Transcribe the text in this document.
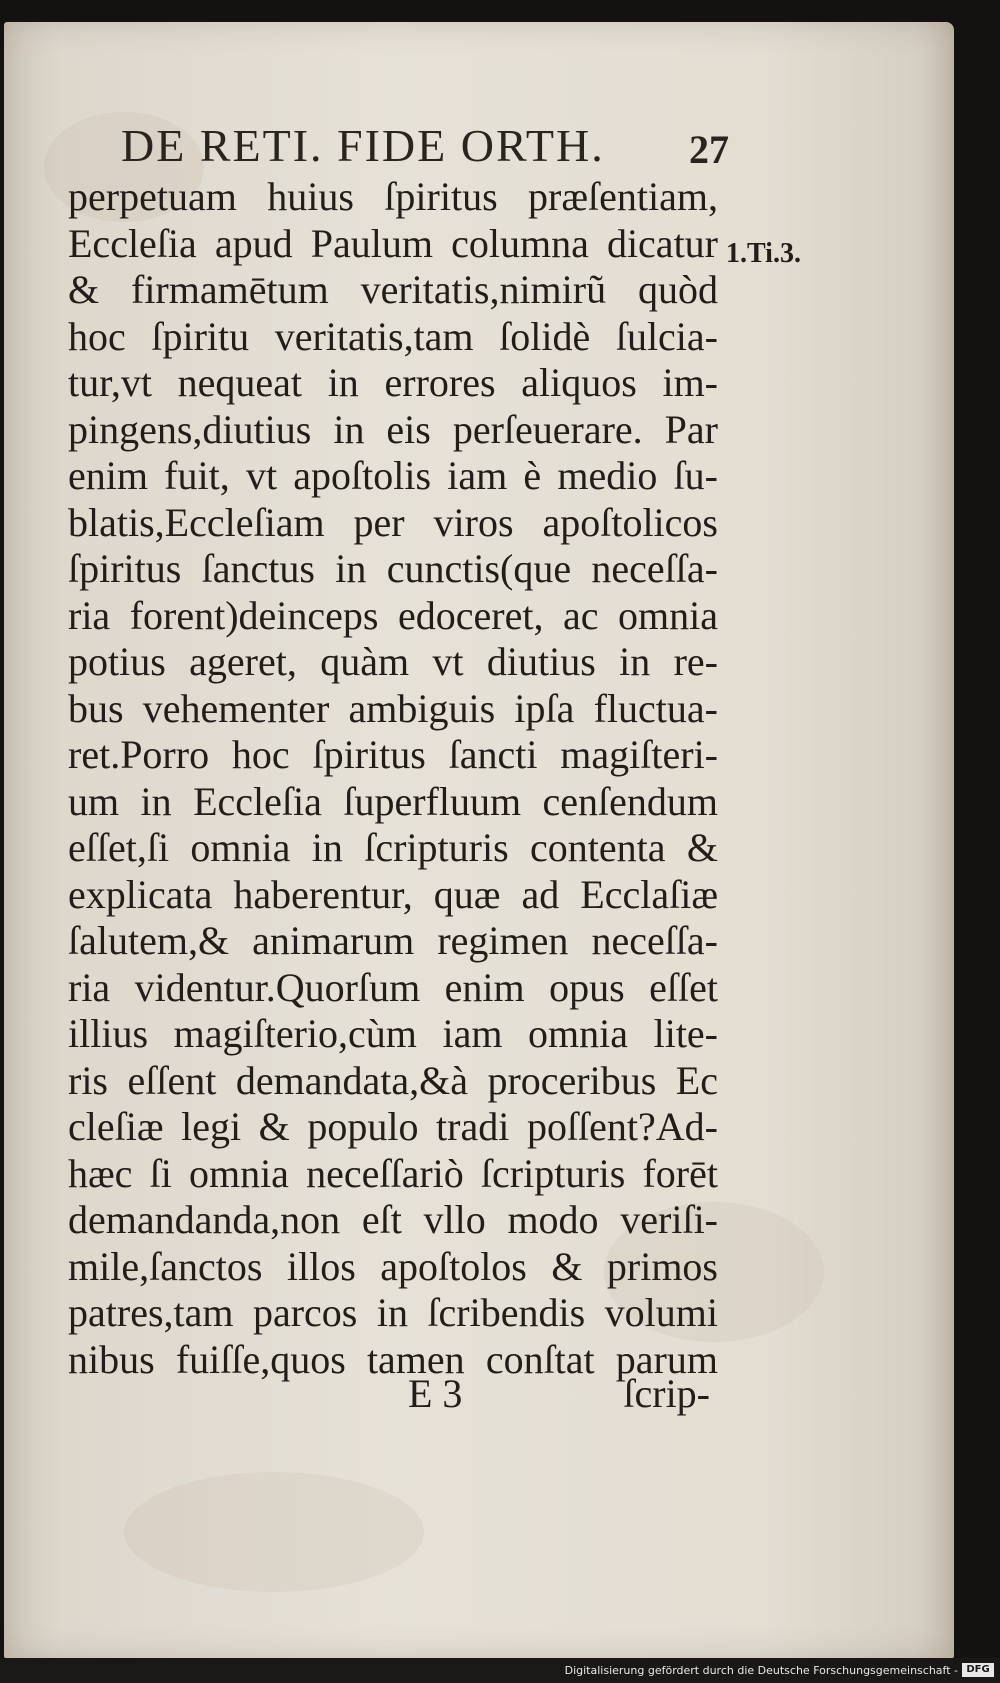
DE RETI. FIDE ORTH. 27
1.Ti.3.
perpetuam huius ſpiritus præſentiam,
Eccleſia apud Paulum columna dicatur
& firmamētum veritatis,nimirũ quòd
hoc ſpiritu veritatis,tam ſolidè ſulcia-
tur,vt nequeat in errores aliquos im-
pingens,diutius in eis perſeuerare. Par
enim fuit, vt apoſtolis iam è medio ſu-
blatis,Eccleſiam per viros apoſtolicos
ſpiritus ſanctus in cunctis(que neceſſa-
ria forent)deinceps edoceret, ac omnia
potius ageret, quàm vt diutius in re-
bus vehementer ambiguis ipſa fluctua-
ret.Porro hoc ſpiritus ſancti magiſteri-
um in Eccleſia ſuperfluum cenſendum
eſſet,ſi omnia in ſcripturis contenta &
explicata haberentur, quæ ad Ecclaſiæ
ſalutem,& animarum regimen neceſſa-
ria videntur.Quorſum enim opus eſſet
illius magiſterio,cùm iam omnia lite-
ris eſſent demandata,&à proceribus Ec
cleſiæ legi & populo tradi poſſent?Ad-
hæc ſi omnia neceſſariò ſcripturis forēt
demandanda,non eſt vllo modo veriſi-
mile,ſanctos illos apoſtolos & primos
patres,tam parcos in ſcribendis volumi
nibus fuiſſe,quos tamen conſtat parum
E 3	ſcrip-
Digitalisierung gefördert durch die Deutsche Forschungsgemeinschaft - DFG
